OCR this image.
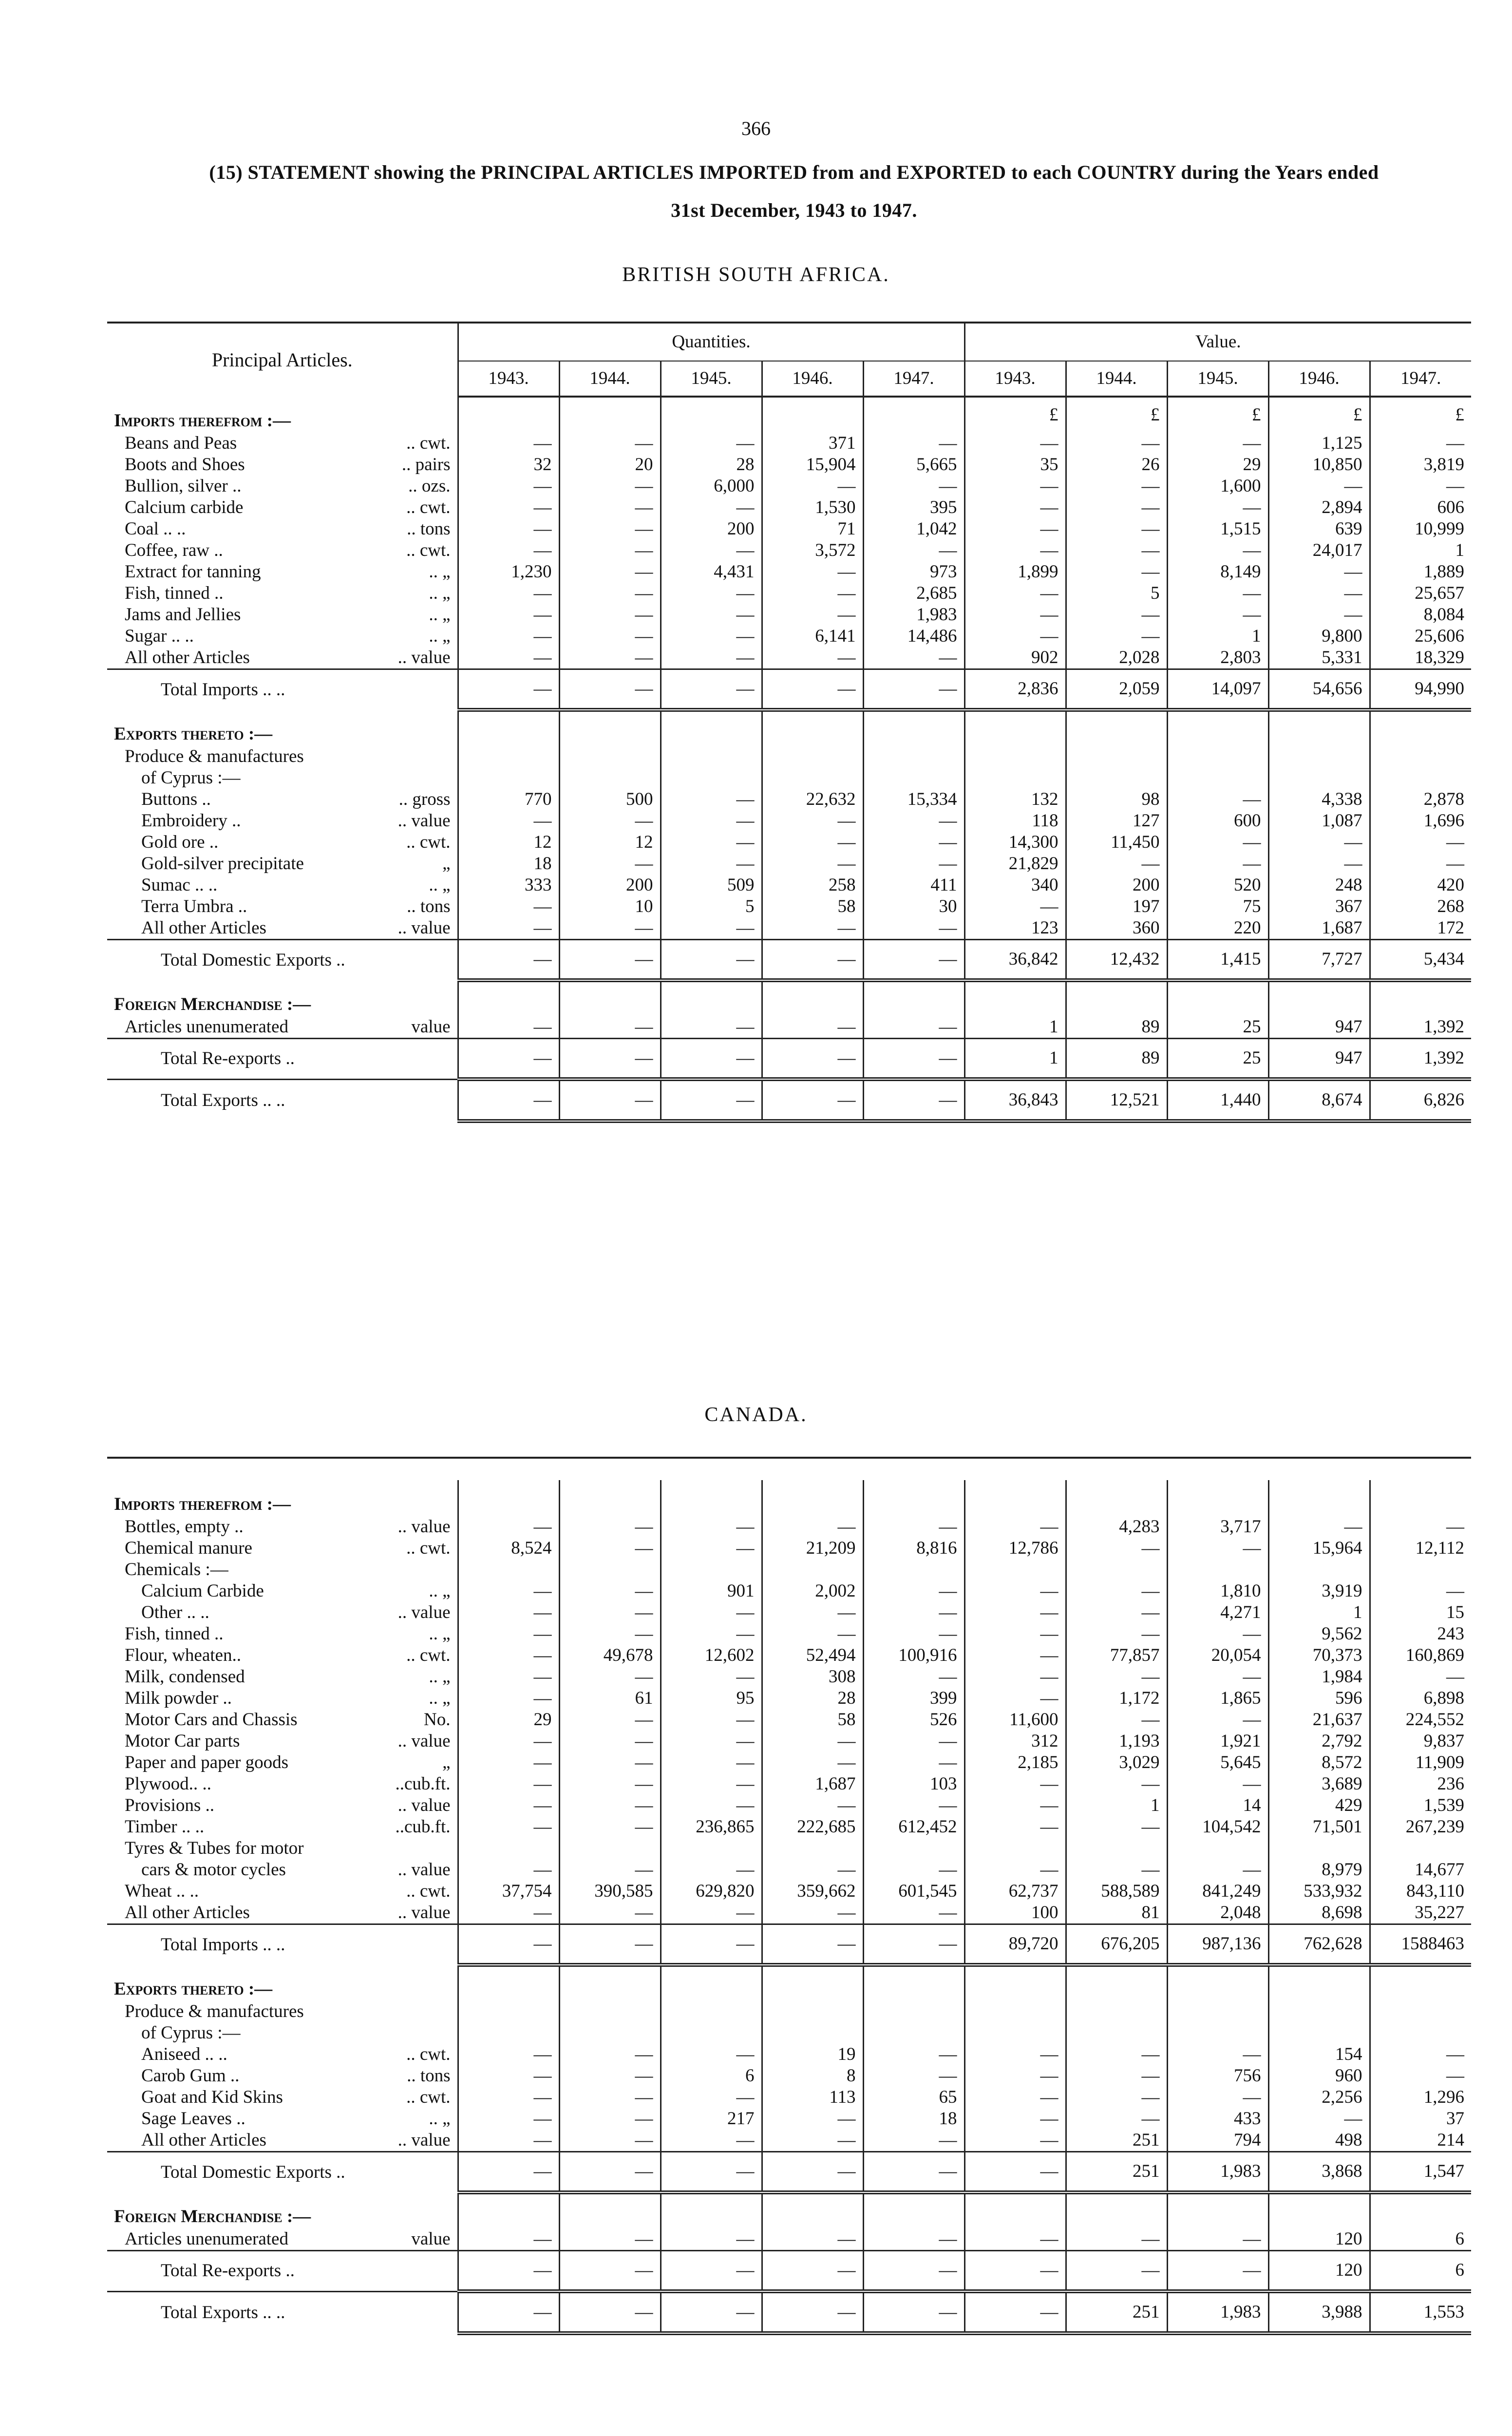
366
(15) STATEMENT showing the PRINCIPAL ARTICLES IMPORTED from and EXPORTED to each COUNTRY during the Years ended
31st December, 1943 to 1947.
BRITISH SOUTH AFRICA.
Principal Articles.	Quantities.					Value.				
	1943.	1944.	1945.	1946.	1947.	1943.	1944.	1945.	1946.	1947.
Imports therefrom :—						£	£	£	£	£
Beans and Peas .. cwt.	—	—	—	371	—	—	—	—	1,125	—
Boots and Shoes .. pairs	32	20	28	15,904	5,665	35	26	29	10,850	3,819
Bullion, silver .. .. ozs.	—	—	6,000	—	—	—	—	1,600	—	—
Calcium carbide .. cwt.	—	—	—	1,530	395	—	—	—	2,894	606
Coal .. .. .. tons	—	—	200	71	1,042	—	—	1,515	639	10,999
Coffee, raw .. .. cwt.	—	—	—	3,572	—	—	—	—	24,017	1
Extract for tanning .. „	1,230	—	4,431	—	973	1,899	—	8,149	—	1,889
Fish, tinned .. .. „	—	—	—	—	2,685	—	5	—	—	25,657
Jams and Jellies .. „	—	—	—	—	1,983	—	—	—	—	8,084
Sugar .. .. .. „	—	—	—	6,141	14,486	—	—	1	9,800	25,606
All other Articles .. value	—	—	—	—	—	902	2,028	2,803	5,331	18,329
Total Imports .. ..	—	—	—	—	—	2,836	2,059	14,097	54,656	94,990
Exports thereto :—

Produce & manufactures

of Cyprus :—

Buttons .. .. gross	770	500	—	22,632	15,334	132	98	—	4,338	2,878
Embroidery .. .. value	—	—	—	—	—	118	127	600	1,087	1,696
Gold ore .. .. cwt.	12	12	—	—	—	14,300	11,450	—	—	—
Gold-silver precipitate „	18	—	—	—	—	21,829	—	—	—	—
Sumac .. .. .. „	333	200	509	258	411	340	200	520	248	420
Terra Umbra .. .. tons	—	10	5	58	30	—	197	75	367	268
All other Articles .. value	—	—	—	—	—	123	360	220	1,687	172
Total Domestic Exports ..	—	—	—	—	—	36,842	12,432	1,415	7,727	5,434
Foreign Merchandise :—

Articles unenumerated value	—	—	—	—	—	1	89	25	947	1,392
Total Re-exports ..	—	—	—	—	—	1	89	25	947	1,392
Total Exports .. ..	—	—	—	—	—	36,843	12,521	1,440	8,674	6,826
CANADA.

Imports therefrom :—

Bottles, empty .. .. value	—	—	—	—	—	—	4,283	3,717	—	—
Chemical manure .. cwt.	8,524	—	—	21,209	8,816	12,786	—	—	15,964	12,112
Chemicals :—

Calcium Carbide .. „	—	—	901	2,002	—	—	—	1,810	3,919	—
Other .. .. .. value	—	—	—	—	—	—	—	4,271	1	15
Fish, tinned .. .. „	—	—	—	—	—	—	—	—	9,562	243
Flour, wheaten.. .. cwt.	—	49,678	12,602	52,494	100,916	—	77,857	20,054	70,373	160,869
Milk, condensed .. „	—	—	—	308	—	—	—	—	1,984	—
Milk powder .. .. „	—	61	95	28	399	—	1,172	1,865	596	6,898
Motor Cars and Chassis No.	29	—	—	58	526	11,600	—	—	21,637	224,552
Motor Car parts .. value	—	—	—	—	—	312	1,193	1,921	2,792	9,837
Paper and paper goods „	—	—	—	—	—	2,185	3,029	5,645	8,572	11,909
Plywood.. .. ..cub.ft.	—	—	—	1,687	103	—	—	—	3,689	236
Provisions .. .. value	—	—	—	—	—	—	1	14	429	1,539
Timber .. .. ..cub.ft.	—	—	236,865	222,685	612,452	—	—	104,542	71,501	267,239
Tyres & Tubes for motor

cars & motor cycles .. value	—	—	—	—	—	—	—	—	8,979	14,677
Wheat .. .. .. cwt.	37,754	390,585	629,820	359,662	601,545	62,737	588,589	841,249	533,932	843,110
All other Articles .. value	—	—	—	—	—	100	81	2,048	8,698	35,227
Total Imports .. ..	—	—	—	—	—	89,720	676,205	987,136	762,628	1588463
Exports thereto :—

Produce & manufactures

of Cyprus :—

Aniseed .. .. .. cwt.	—	—	—	19	—	—	—	—	154	—
Carob Gum .. .. tons	—	—	6	8	—	—	—	756	960	—
Goat and Kid Skins .. cwt.	—	—	—	113	65	—	—	—	2,256	1,296
Sage Leaves .. .. „	—	—	217	—	18	—	—	433	—	37
All other Articles .. value	—	—	—	—	—	—	251	794	498	214
Total Domestic Exports ..	—	—	—	—	—	—	251	1,983	3,868	1,547
Foreign Merchandise :—

Articles unenumerated value	—	—	—	—	—	—	—	—	120	6
Total Re-exports ..	—	—	—	—	—	—	—	—	120	6
Total Exports .. ..	—	—	—	—	—	—	251	1,983	3,988	1,553
